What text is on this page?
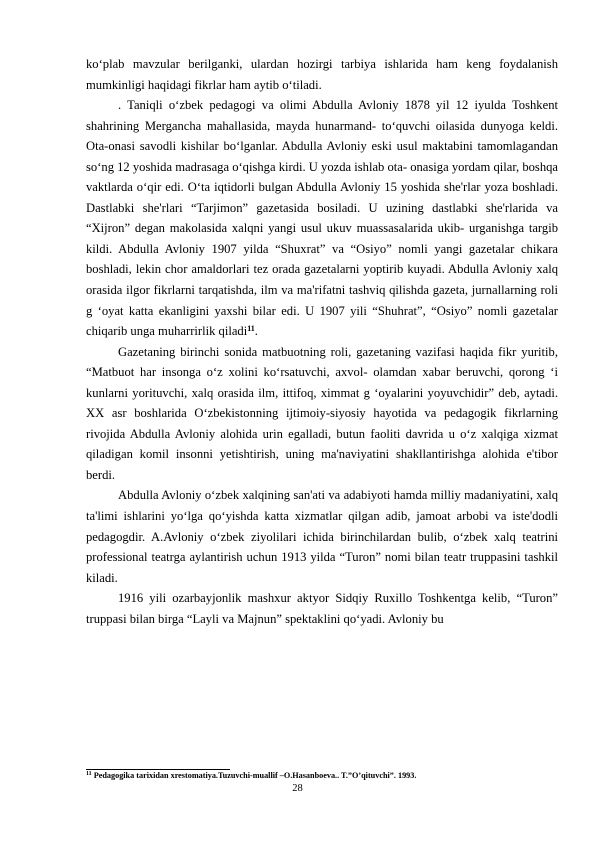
ko‘plab mavzular berilganki, ulardan hozirgi tarbiya ishlarida ham keng foydalanish mumkinligi haqidagi fikrlar ham aytib o‘tiladi.

. Taniqli o‘zbek pedagogi va olimi Abdulla Avloniy 1878 yil 12 iyulda Toshkent shahrining Mergancha mahallasida, mayda hunarmand- to‘quvchi oilasida dunyoga keldi. Ota-onasi savodli kishilar bo‘lganlar. Abdulla Avloniy eski usul maktabini tamomlagandan so‘ng 12 yoshida madrasaga o‘qishga kirdi. U yozda ishlab ota- onasiga yordam qilar, boshqa vaktlarda o‘qir edi. O‘ta iqtidorli bulgan Abdulla Avloniy 15 yoshida she'rlar yoza boshladi. Dastlabki she'rlari “Tarjimon” gazetasida bosiladi. U uzining dastlabki she'rlarida va “Xijron” degan makolasida xalqni yangi usul ukuv muassasalarida ukib- urganishga targib kildi. Abdulla Avloniy 1907 yilda “Shuxrat” va “Osiyo” nomli yangi gazetalar chikara boshladi, lekin chor amaldorlari tez orada gazetalarni yoptirib kuyadi. Abdulla Avloniy xalq orasida ilgor fikrlarni tarqatishda, ilm va ma'rifatni tashviq qilishda gazeta, jurnallarning roli g ‘oyat katta ekanligini yaxshi bilar edi. U 1907 yili “Shuhrat”, “Osiyo” nomli gazetalar chiqarib unga muharrirlik qiladi$^{11}$.

Gazetaning birinchi sonida matbuotning roli, gazetaning vazifasi haqida fikr yuritib, “Matbuot har insonga o‘z xolini ko‘rsatuvchi, axvol- olamdan xabar beruvchi, qorong ‘i kunlarni yorituvchi, xalq orasida ilm, ittifoq, ximmat g ‘oyalarini yoyuvchidir” deb, aytadi. XX asr boshlarida O‘zbekistonning ijtimoiy-siyosiy hayotida va pedagogik fikrlarning rivojida Abdulla Avloniy alohida urin egalladi, butun faoliti davrida u o‘z xalqiga xizmat qiladigan komil insonni yetishtirish, uning ma'naviyatini shakllantirishga alohida e'tibor berdi.

Abdulla Avloniy o‘zbek xalqining san'ati va adabiyoti hamda milliy madaniyatini, xalq ta'limi ishlarini yo‘lga qo‘yishda katta xizmatlar qilgan adib, jamoat arbobi va iste'dodli pedagogdir. A.Avloniy o‘zbek ziyolilari ichida birinchilardan bulib, o‘zbek xalq teatrini professional teatrga aylantirish uchun 1913 yilda “Turon” nomi bilan teatr truppasini tashkil kiladi.

1916 yili ozarbayjonlik mashxur aktyor Sidqiy Ruxillo Toshkentga kelib, “Turon” truppasi bilan birga “Layli va Majnun” spektaklini qo‘yadi. Avloniy bu

$^{11}$ Pedagogika tarixidan xrestomatiya.Tuzuvchi-muallif –O.Hasanboeva.. T.”O’qituvchi”. 1993.
28
